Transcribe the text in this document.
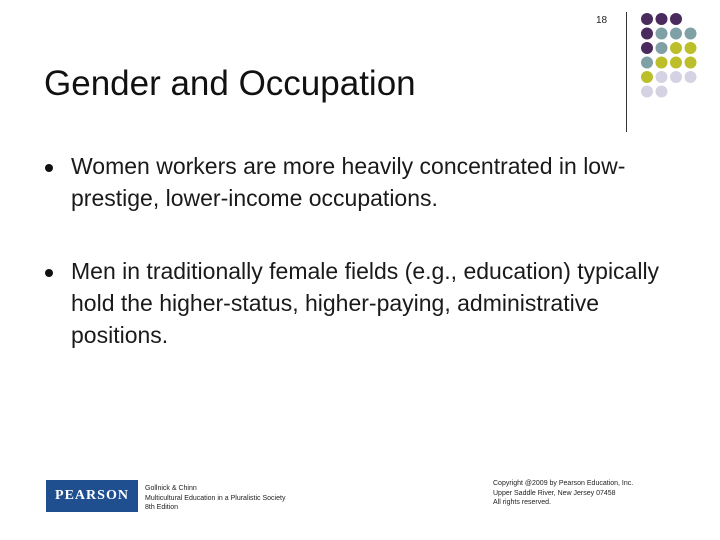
18
Gender and Occupation
Women workers are more heavily concentrated in low-prestige, lower-income occupations.
Men in traditionally female fields (e.g., education) typically hold the higher-status, higher-paying, administrative positions.
PEARSON Gollnick & Chinn
Multicultural Education in a Pluralistic Society
8th Edition
Copyright @2009 by Pearson Education, Inc.
Upper Saddle River, New Jersey 07458
All rights reserved.
